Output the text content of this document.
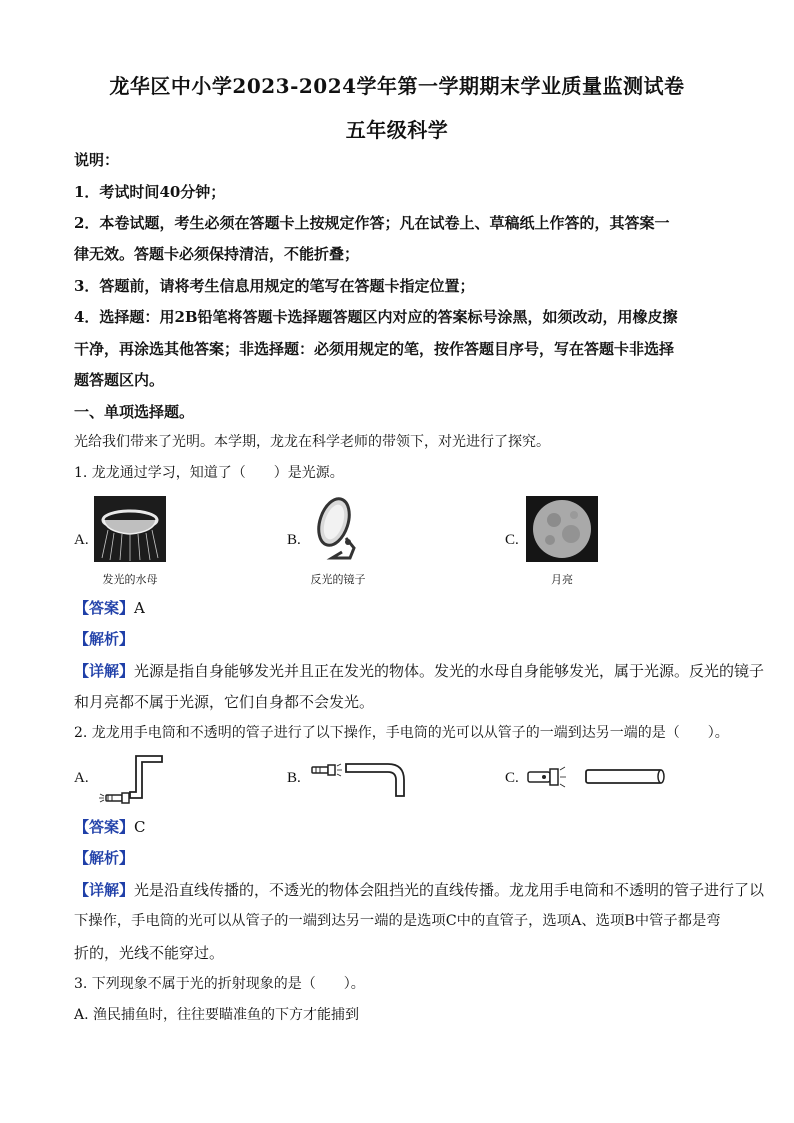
龙华区中小学2023-2024学年第一学期期末学业质量监测试卷
五年级科学
说明：
1．考试时间40分钟；
2．本卷试题，考生必须在答题卡上按规定作答；凡在试卷上、草稿纸上作答的，其答案一
律无效。答题卡必须保持清洁，不能折叠；
3．答题前，请将考生信息用规定的笔写在答题卡指定位置；
4．选择题：用2B铅笔将答题卡选择题答题区内对应的答案标号涂黑，如须改动，用橡皮擦
干净，再涂选其他答案；非选择题：必须用规定的笔，按作答题目序号，写在答题卡非选择
题答题区内。
一、单项选择题。
光给我们带来了光明。本学期，龙龙在科学老师的带领下，对光进行了探究。
1. 龙龙通过学习，知道了（　　）是光源。
A.
发光的水母
B.
反光的镜子
C.
月亮
【答案】A
【解析】
【详解】光源是指自身能够发光并且正在发光的物体。发光的水母自身能够发光，属于光源。反光的镜子
和月亮都不属于光源，它们自身都不会发光。
2. 龙龙用手电筒和不透明的管子进行了以下操作，手电筒的光可以从管子的一端到达另一端的是（　　）。
A.	B.	C.
【答案】C
【解析】
【详解】光是沿直线传播的，不透光的物体会阻挡光的直线传播。龙龙用手电筒和不透明的管子进行了以
下操作，手电筒的光可以从管子的一端到达另一端的是选项C中的直管子，选项A、选项B中管子都是弯
折的，光线不能穿过。
3. 下列现象不属于光的折射现象的是（　　）。
A. 渔民捕鱼时，往往要瞄准鱼的下方才能捕到
